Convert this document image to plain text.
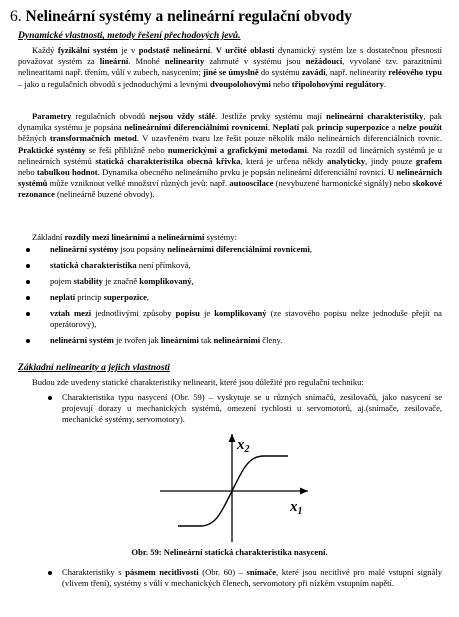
6. Nelineární systémy a nelineární regulační obvody
Dynamické vlastnosti, metody řešení přechodových jevů.

Každý fyzikální systém je v podstatě nelineární. V určité oblasti dynamický systém lze s dostatečnou přesností považovat systém za lineární. Mnohé nelinearity zahrnuté v systému jsou nežádoucí, vyvolané tzv. parazitními nelinearitami např. třením, vůlí v zubech, nasycením; jiné se úmyslně do systému zavádí, např. nelinearity reléového typu – jako u regulačních obvodů s jednoduchými a levnými dvoupolohovými nebo třípolohovými regulátory.

Parametry regulačních obvodů nejsou vždy stálé. Jestliže prvky systému mají nelineární charakteristiky, pak dynamika systému je popsána nelineárními diferenciálními rovnicemi. Neplatí pak princip superpozice a nelze použít běžných transformačních metod. V uzavřeném tvaru lze řešit pouze několik málo nelineárních diferenciálních rovnic. Praktické systémy se řeší přibližně nebo numerickými a grafickými metodami. Na rozdíl od lineárních systémů je u nelineárních systémů statická charakteristika obecná křivka, která je určena někdy analyticky, jindy pouze grafem nebo tabulkou hodnot. Dynamika obecného nelineárního prvku je popsán nelineární diferenciální rovnicí. U nelineárních systémů může vzniknout velké množství různých jevů: např. autooscilace (nevybuzené harmonické signály) nebo skokové rezonance (nelineárně buzené obvody).

Základní rozdíly mezi lineárními a nelineárními systémy:

nelineární systémy jsou popsány nelineárními diferenciálními rovnicemi,
statická charakteristika není přímková,
pojem stability je značně komplikovaný,
neplatí princip superpozice,
vztah mezi jednotlivými způsoby popisu je komplikovaný (ze stavového popisu nelze jednoduše přejít na operátorový),
nelineární systém je tvořen jak lineárními tak nelineárními členy.
Základní nelinearity a jejich vlastnosti

Budou zde uvedeny statické charakteristiky nelinearit, které jsou důležité pro regulační techniku:

Charakteristika typu nasycení (Obr. 59) – vyskytuje se u různých snímačů, zesilovačů, jako nasycení se projevují dorazy u mechanických systémů, omezení rychlosti u servomotorů, aj.(snímače, zesilovače, mechanické systémy, servomotory).
$x_2$
$x_1$
Obr. 59: Nelineární statická charakteristika nasycení.
Charakteristiky s pásmem necitlivosti (Obr. 60) – snímače, které jsou necitlivé pro malé vstupní signály (vlivem tření), systémy s vůlí v mechanických členech, servomotory při nízkém vstupním napětí.
